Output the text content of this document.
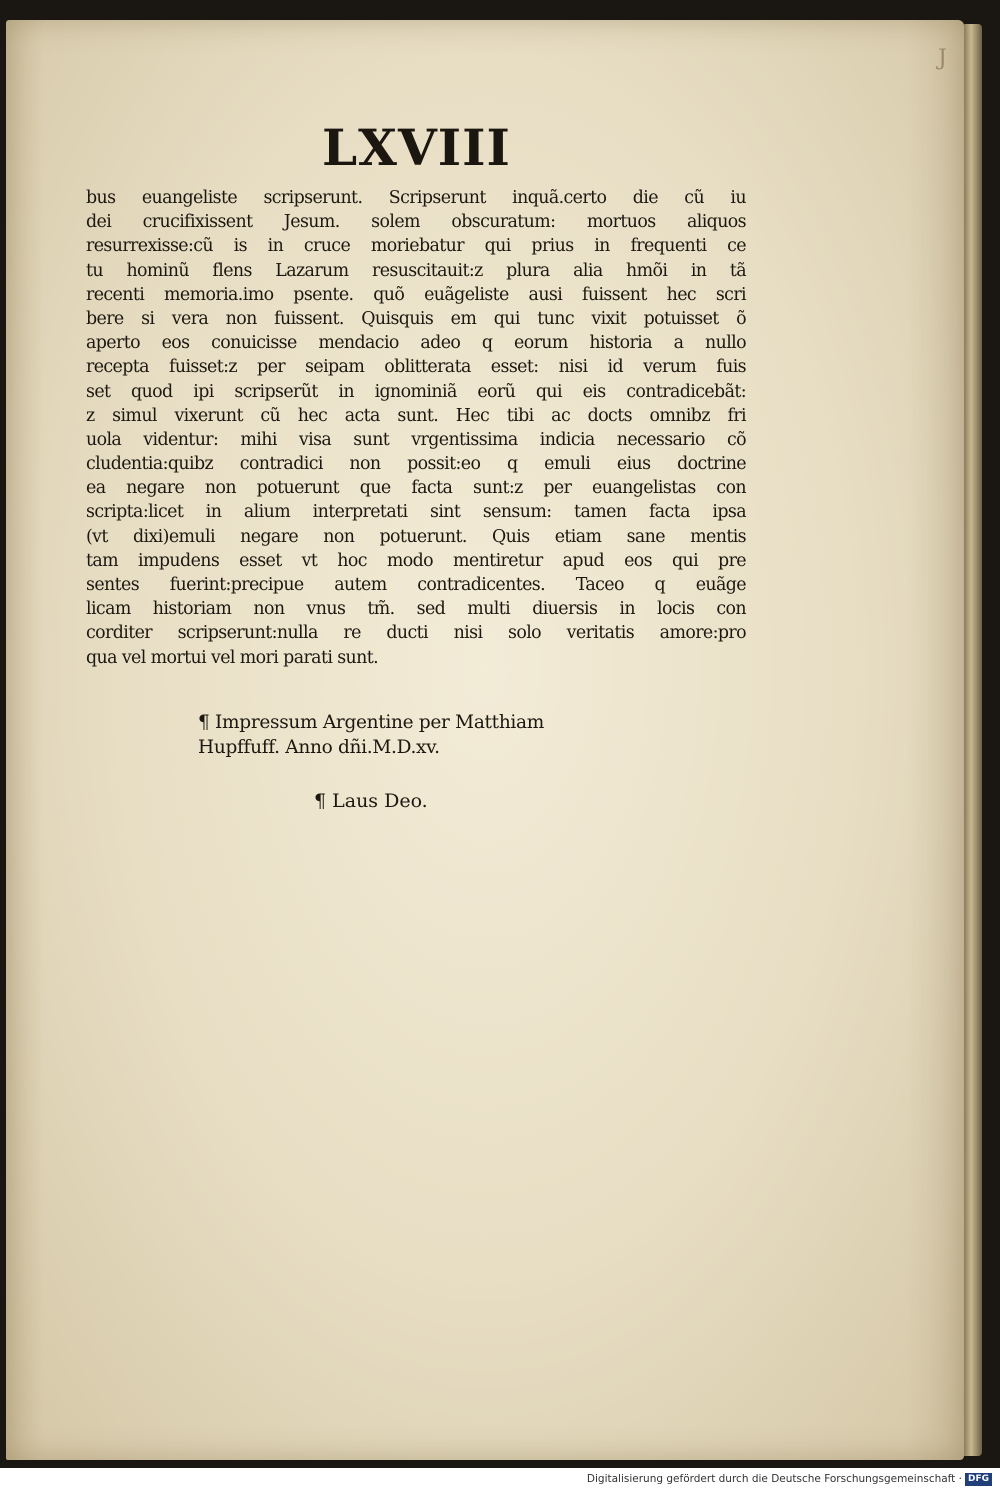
J
LXVIII
bus euangeliste scripserunt. Scripserunt inquã.certo die cũ iu
dei crucifixissent Jesum. solem obscuratum: mortuos aliquos
resurrexisse:cũ is in cruce moriebatur qui prius in frequenti ce
tu hominũ flens Lazarum resuscitauit:z plura alia hmõi in tã
recenti memoria.imo psente. quõ euãgeliste ausi fuissent hec scri
bere si vera non fuissent. Quisquis em qui tunc vixit potuisset õ
aperto eos conuicisse mendacio adeo q eorum historia a nullo
recepta fuisset:z per seipam oblitterata esset: nisi id verum fuis
set quod ipi scripserũt in ignominiã eorũ qui eis contradicebãt:
z simul vixerunt cũ hec acta sunt. Hec tibi ac docts omnibz fri
uola videntur: mihi visa sunt vrgentissima indicia necessario cõ
cludentia:quibz contradici non possit:eo q emuli eius doctrine
ea negare non potuerunt que facta sunt:z per euangelistas con
scripta:licet in alium interpretati sint sensum: tamen facta ipsa
(vt dixi)emuli negare non potuerunt. Quis etiam sane mentis
tam impudens esset vt hoc modo mentiretur apud eos qui pre
sentes fuerint:precipue autem contradicentes. Taceo q euãge
licam historiam non vnus tm̃. sed multi diuersis in locis con
corditer scripserunt:nulla re ducti nisi solo veritatis amore:pro
qua vel mortui vel mori parati sunt.
¶ Impressum Argentine per Matthiam
Hupffuff. Anno dñi.M.D.xv.
¶ Laus Deo.
Digitalisierung gefördert durch die Deutsche Forschungsgemeinschaft · DFG
